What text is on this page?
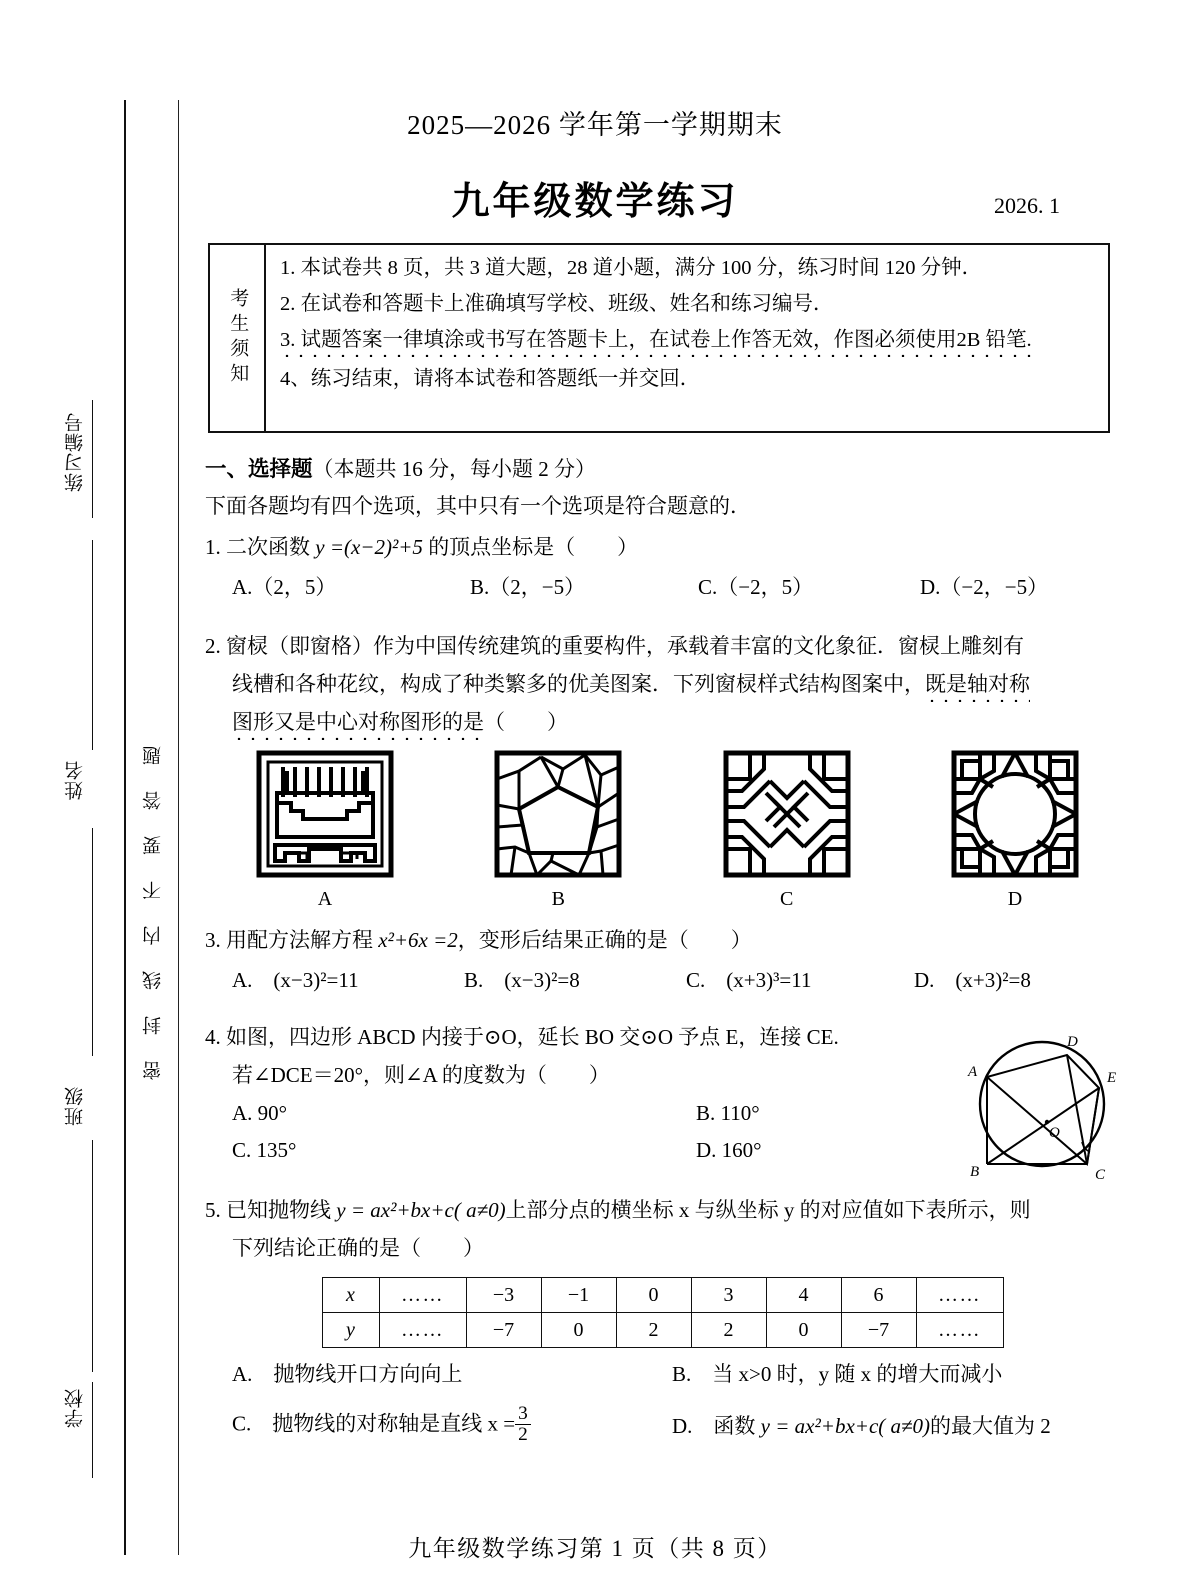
密封线内不要答题
练习编号
姓名
班级
学校
2025—2026 学年第一学期期末
九年级数学练习	2026. 1
考生须知

1. 本试卷共 8 页，共 3 道大题，28 道小题，满分 100 分，练习时间 120 分钟．

2. 在试卷和答题卡上准确填写学校、班级、姓名和练习编号．

3. 试题答案一律填涂或书写在答题卡上，在试卷上作答无效，作图必须使用2B 铅笔.

4、练习结束，请将本试卷和答题纸一并交回．

一、选择题（本题共 16 分，每小题 2 分）

下面各题均有四个选项，其中只有一个选项是符合题意的．

1. 二次函数 y =(x−2)²+5 的顶点坐标是（　　）

A.（2，5）	B.（2，−5）	C.（−2，5）	D.（−2，−5）

2. 窗棂（即窗格）作为中国传统建筑的重要构件，承载着丰富的文化象征．窗棂上雕刻有

线槽和各种花纹，构成了种类繁多的优美图案．下列窗棂样式结构图案中，既是轴对称

图形又是中心对称图形的是（　　）

A	B	C	D

3. 用配方法解方程 x²+6x =2，变形后结果正确的是（　　）

A.　(x−3)²=11	B.　(x−3)²=8	C.　(x+3)³=11	D.　(x+3)²=8

4. 如图，四边形 ABCD 内接于⊙O，延长 BO 交⊙O 予点 E，连接 CE.

若∠DCE＝20°，则∠A 的度数为（　　）

A. 90°	B. 110°
C. 135°	D. 160°
A
B	C
D
E
O

5. 已知抛物线 y = ax²+bx+c( a≠0)上部分点的横坐标 x 与纵坐标 y 的对应值如下表所示，则

下列结论正确的是（　　）

x	……	−3	−1	0	3	4	6	……
y	……	−7	0	2	2	0	−7	……
A.　抛物线开口方向向上	B.　当 x>0 时，y 随 x 的增大而减小
C.　抛物线的对称轴是直线 $x = \frac{3}{2}$	D.　函数 y = ax²+bx+c( a≠0)的最大值为 2
九年级数学练习第 1 页（共 8 页）
